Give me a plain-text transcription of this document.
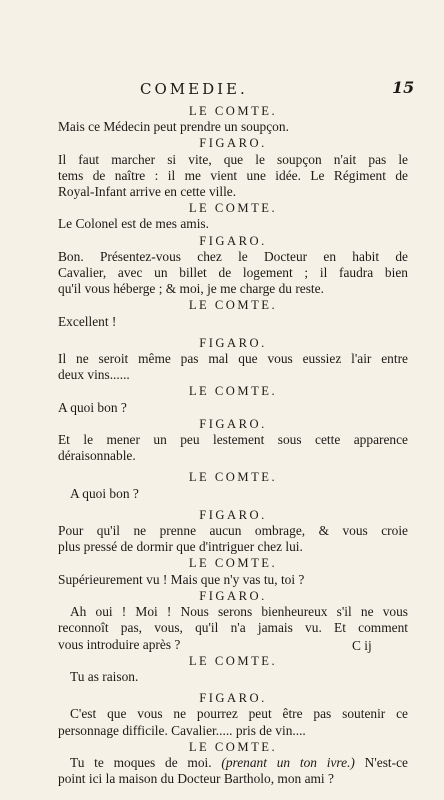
COMEDIE.	15
LE COMTE.
Mais ce Médecin peut prendre un soupçon.
FIGARO.
Il faut marcher si vite, que le soupçon n'ait pas le
tems de naître : il me vient une idée. Le Régiment de
Royal-Infant arrive en cette ville.
LE COMTE.
Le Colonel est de mes amis.
FIGARO.
Bon. Présentez-vous chez le Docteur en habit de
Cavalier, avec un billet de logement ; il faudra bien
qu'il vous héberge ; & moi, je me charge du reste.
LE COMTE.
Excellent !
FIGARO.
Il ne seroit même pas mal que vous eussiez l'air entre
deux vins......
LE COMTE.
A quoi bon ?
FIGARO.
Et le mener un peu lestement sous cette apparence
déraisonnable.
LE COMTE.
A quoi bon ?
FIGARO.
Pour qu'il ne prenne aucun ombrage, & vous croie
plus pressé de dormir que d'intriguer chez lui.
LE COMTE.
Supérieurement vu ! Mais que n'y vas tu, toi ?
FIGARO.
Ah oui ! Moi ! Nous serons bienheureux s'il ne vous
reconnoît pas, vous, qu'il n'a jamais vu. Et comment
vous introduire après ?
LE COMTE.
Tu as raison.
FIGARO.
C'est que vous ne pourrez peut être pas soutenir ce
personnage difficile. Cavalier..... pris de vin....
LE COMTE.
Tu te moques de moi. (prenant un ton ivre.) N'est-ce
point ici la maison du Docteur Bartholo, mon ami ?
C ij
